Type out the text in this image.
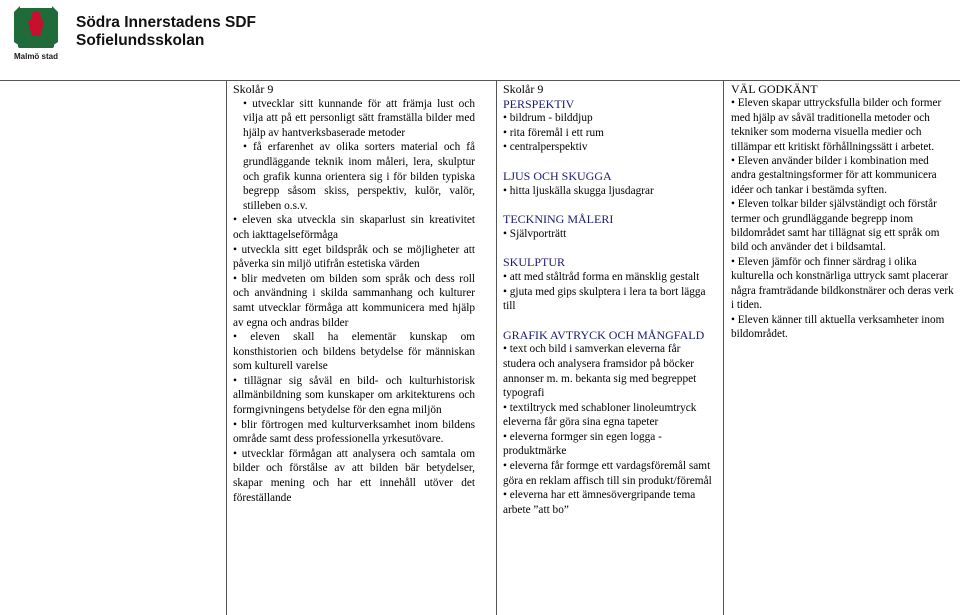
Malmö stad
Södra Innerstadens SDF
Sofielundsskolan

Skolår 9

• utvecklar sitt kunnande för att främja lust och vilja att på ett personligt sätt framställa bilder med hjälp av hantverksbaserade metoder

• få erfarenhet av olika sorters material och få grundläggande teknik inom måleri, lera, skulptur och grafik kunna orientera sig i för bilden typiska begrepp såsom skiss, perspektiv, kulör, valör, stilleben o.s.v.

• eleven ska utveckla sin skaparlust sin kreativitet och iakttagelseförmåga

• utveckla sitt eget bildspråk och se möjligheter att påverka sin miljö utifrån estetiska värden

• blir medveten om bilden som språk och dess roll och användning i skilda sammanhang och kulturer samt utvecklar förmåga att kommunicera med hjälp av egna och andras bilder

• eleven skall ha elementär kunskap om konsthistorien och bildens betydelse för människan som kulturell varelse

• tillägnar sig såväl en bild- och kulturhistorisk allmänbildning som kunskaper om arkitekturens och formgivningens betydelse för den egna miljön

• blir förtrogen med kulturverksamhet inom bildens område samt dess professionella yrkesutövare.

• utvecklar förmågan att analysera och samtala om bilder och förstålse av att bilden bär betydelser, skapar mening och har ett innehåll utöver det föreställande

Skolår 9

PERSPEKTIV

• bildrum - bilddjup

• rita föremål i ett rum

• centralperspektiv

LJUS OCH SKUGGA

• hitta ljuskälla skugga ljusdagrar

TECKNING MÅLERI

• Självporträtt

SKULPTUR

• att med ståltråd forma en mänsklig gestalt

• gjuta med gips skulptera i lera ta bort lägga till

GRAFIK AVTRYCK OCH MÅNGFALD

• text och bild i samverkan eleverna får studera och analysera framsidor på böcker annonser m. m. bekanta sig med begreppet typografi

• textiltryck med schabloner linoleumtryck eleverna får göra sina egna tapeter

• eleverna formger sin egen logga - produktmärke

• eleverna får formge ett vardagsföremål samt göra en reklam affisch till sin produkt/föremål

• eleverna har ett ämnesövergripande tema arbete ”att bo”

VÄL GODKÄNT

• Eleven skapar uttrycksfulla bilder och former med hjälp av såväl traditionella metoder och tekniker som moderna visuella medier och tillämpar ett kritiskt förhållningssätt i arbetet.

• Eleven använder bilder i kombination med andra gestaltningsformer för att kommunicera idéer och tankar i bestämda syften.

• Eleven tolkar bilder självständigt och förstår termer och grundläggande begrepp inom bildområdet samt har tillägnat sig ett språk om bild och använder det i bildsamtal.

• Eleven jämför och finner särdrag i olika kulturella och konstnärliga uttryck samt placerar några framträdande bildkonstnärer och deras verk i tiden.

• Eleven känner till aktuella verksamheter inom bildområdet.
